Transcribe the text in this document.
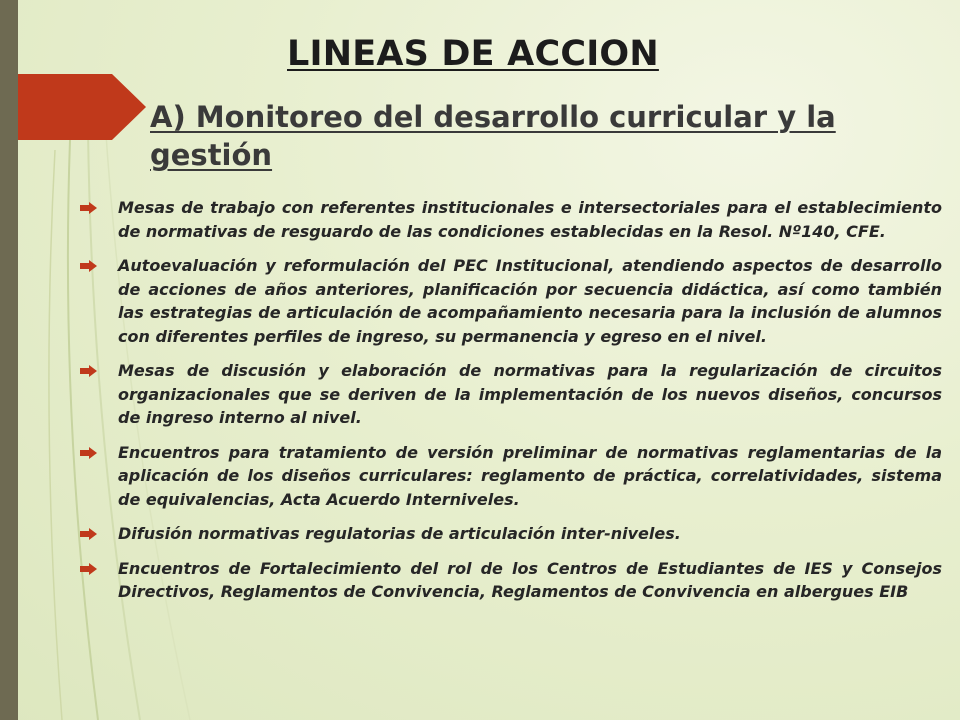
LINEAS DE ACCION
A) Monitoreo del desarrollo curricular y la gestión
Mesas de trabajo con referentes institucionales e intersectoriales para el establecimiento de normativas de resguardo de las condiciones establecidas en la Resol. Nº140, CFE.
Autoevaluación y reformulación del PEC Institucional, atendiendo aspectos de desarrollo de acciones de años anteriores, planificación por secuencia didáctica, así como también las estrategias de articulación de acompañamiento necesaria para la inclusión de alumnos con diferentes perfiles de ingreso, su permanencia y egreso en el nivel.
Mesas de discusión y elaboración de normativas para la regularización de circuitos organizacionales que se deriven de la implementación de los nuevos diseños, concursos de ingreso interno al nivel.
Encuentros para tratamiento de versión preliminar de normativas reglamentarias de la aplicación de los diseños curriculares: reglamento de práctica, correlatividades, sistema de equivalencias, Acta Acuerdo Interniveles.
Difusión normativas regulatorias de articulación inter-niveles.
Encuentros de Fortalecimiento del rol de los Centros de Estudiantes de IES y Consejos Directivos, Reglamentos de Convivencia, Reglamentos de Convivencia en albergues EIB
